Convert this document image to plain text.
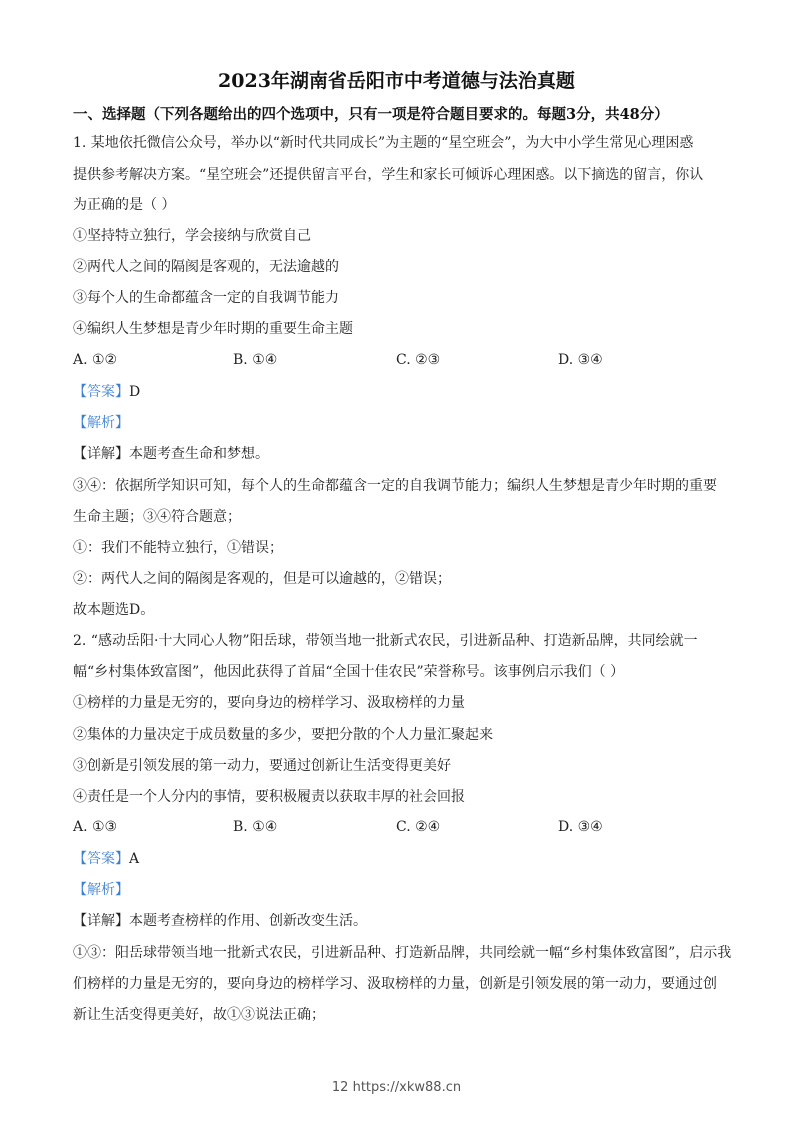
2023年湖南省岳阳市中考道德与法治真题
一、选择题（下列各题给出的四个选项中，只有一项是符合题目要求的。每题3分，共48分）
1. 某地依托微信公众号，举办以“新时代共同成长”为主题的“星空班会”，为大中小学生常见心理困惑
提供参考解决方案。“星空班会”还提供留言平台，学生和家长可倾诉心理困惑。以下摘选的留言，你认
为正确的是（ ）
①坚持特立独行，学会接纳与欣赏自己
②两代人之间的隔阂是客观的，无法逾越的
③每个人的生命都蕴含一定的自我调节能力
④编织人生梦想是青少年时期的重要生命主题
A. ①②	B. ①④	C. ②③	D. ③④
【答案】D
【解析】
【详解】本题考查生命和梦想。
③④：依据所学知识可知，每个人的生命都蕴含一定的自我调节能力；编织人生梦想是青少年时期的重要
生命主题；③④符合题意；
①：我们不能特立独行，①错误；
②：两代人之间的隔阂是客观的，但是可以逾越的，②错误；
故本题选D。
2. “感动岳阳·十大同心人物”阳岳球，带领当地一批新式农民，引进新品种、打造新品牌，共同绘就一
幅“乡村集体致富图”，他因此获得了首届“全国十佳农民”荣誉称号。该事例启示我们（ ）
①榜样的力量是无穷的，要向身边的榜样学习、汲取榜样的力量
②集体的力量决定于成员数量的多少，要把分散的个人力量汇聚起来
③创新是引领发展的第一动力，要通过创新让生活变得更美好
④责任是一个人分内的事情，要积极履责以获取丰厚的社会回报
A. ①③	B. ①④	C. ②④	D. ③④
【答案】A
【解析】
【详解】本题考查榜样的作用、创新改变生活。
①③：阳岳球带领当地一批新式农民，引进新品种、打造新品牌，共同绘就一幅“乡村集体致富图”，启示我
们榜样的力量是无穷的，要向身边的榜样学习、汲取榜样的力量，创新是引领发展的第一动力，要通过创
新让生活变得更美好，故①③说法正确；
12 https://xkw88.cn
